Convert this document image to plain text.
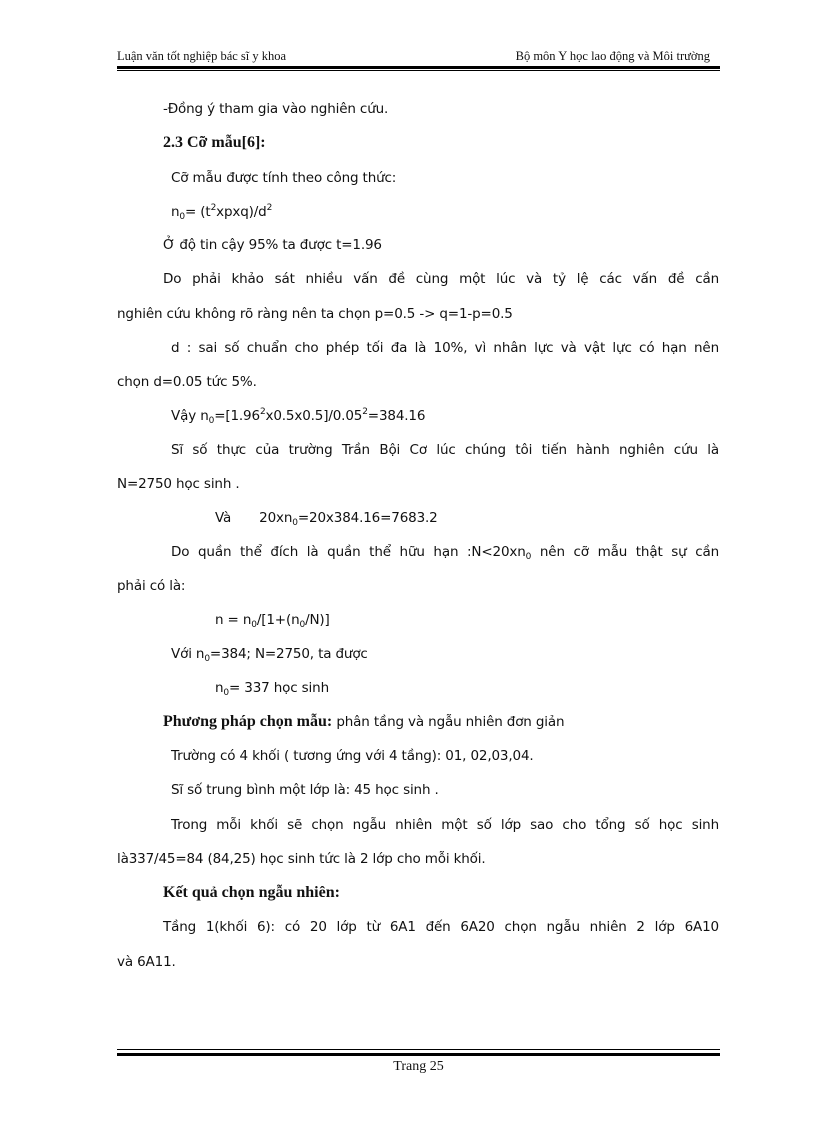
Luận văn tốt nghiệp bác sĩ y khoa	Bộ môn Y học lao động và Môi trường
-Đồng ý tham gia vào nghiên cứu.
2.3 Cỡ mẫu[6]:
Cỡ mẫu được tính theo công thức:
$n_0=$ $(t^2xpxq)/d^2$
Ở độ tin cậy 95% ta được t=1.96
Do phải khảo sát nhiều vấn đề cùng một lúc và tỷ lệ các vấn đề cần
nghiên cứu không rõ ràng nên ta chọn p=0.5 -> q=1-p=0.5
d : sai số chuẩn cho phép tối đa là 10%, vì nhân lực và vật lực có hạn nên
chọn d=0.05 tức 5%.
Vậy $n_0=[1.96^2x0.5x0.5]/0.05^2=384.16$
Sĩ số thực của trường Trần Bội Cơ lúc chúng tôi tiến hành nghiên cứu là
N=2750 học sinh .
Và $20xn_0=20x384.16=7683.2$
Do quần thể đích là quần thể hữu hạn $:N<20xn_0$ nên cỡ mẫu thật sự cần
phải có là:
$n = n_0/[1+(n_0/N)]$
Với $n_0=384$; N=2750, ta được
$n_0= 337$ học sinh
Phương pháp chọn mẫu: phân tầng và ngẫu nhiên đơn giản
Trường có 4 khối ( tương ứng với 4 tầng): 01, 02,03,04.
Sĩ số trung bình một lớp là: 45 học sinh .
Trong mỗi khối sẽ chọn ngẫu nhiên một số lớp sao cho tổng số học sinh
là337/45=84 (84,25) học sinh tức là 2 lớp cho mỗi khối.
Kết quả chọn ngẫu nhiên:
Tầng 1(khối 6): có 20 lớp từ 6A1 đến 6A20 chọn ngẫu nhiên 2 lớp 6A10
và 6A11.
Trang 25
